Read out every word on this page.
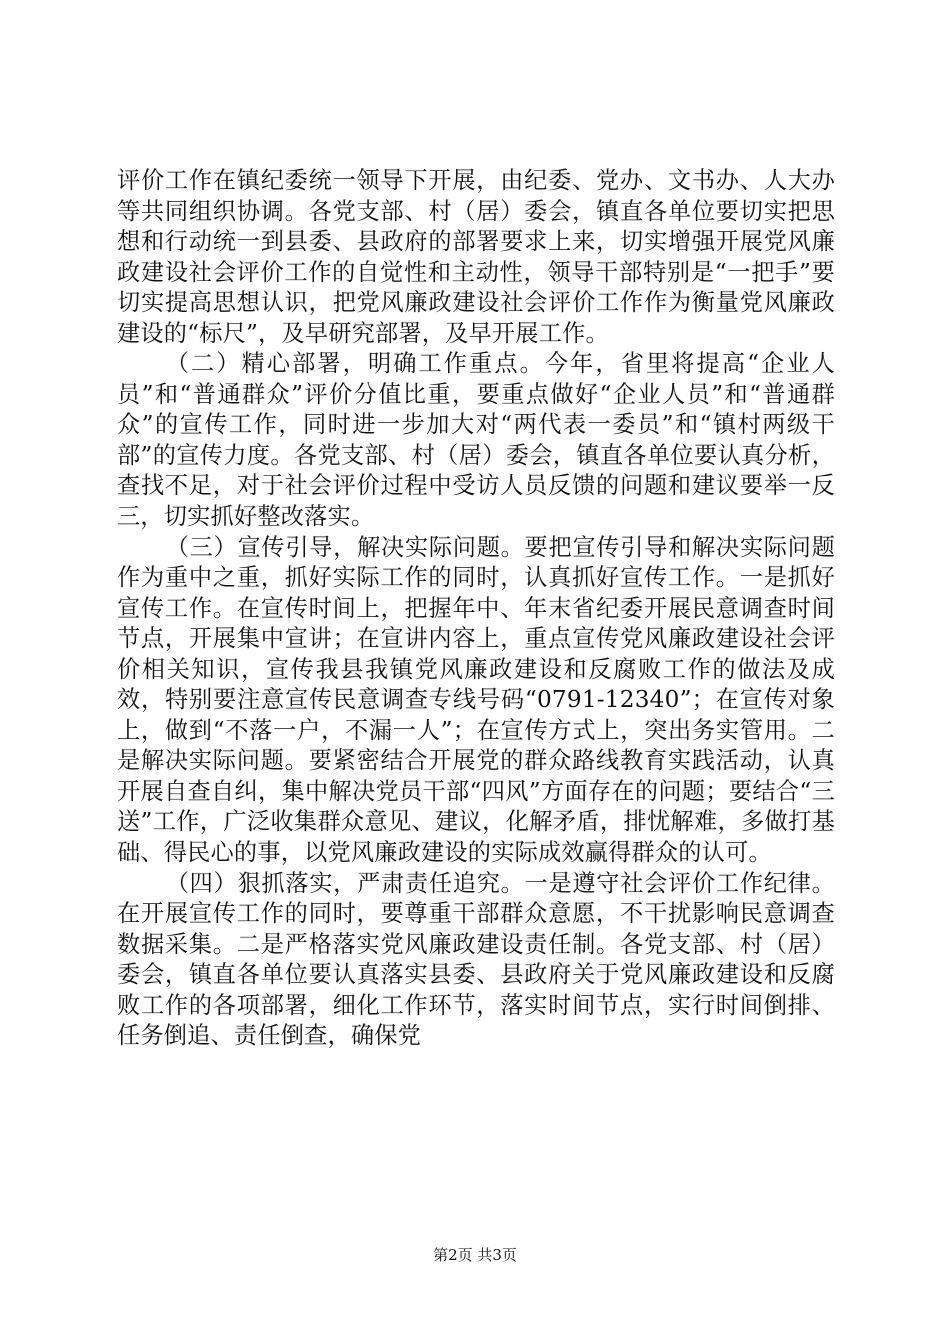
评价工作在镇纪委统一领导下开展，由纪委、党办、文书办、人大办等共同组织协调。各党支部、村（居）委会，镇直各单位要切实把思想和行动统一到县委、县政府的部署要求上来，切实增强开展党风廉政建设社会评价工作的自觉性和主动性，领导干部特别是“一把手”要切实提高思想认识，把党风廉政建设社会评价工作作为衡量党风廉政建设的“标尺”，及早研究部署，及早开展工作。

（二）精心部署，明确工作重点。今年，省里将提高“企业人员”和“普通群众”评价分值比重，要重点做好“企业人员”和“普通群众”的宣传工作，同时进一步加大对“两代表一委员”和“镇村两级干部”的宣传力度。各党支部、村（居）委会，镇直各单位要认真分析，查找不足，对于社会评价过程中受访人员反馈的问题和建议要举一反三，切实抓好整改落实。

（三）宣传引导，解决实际问题。要把宣传引导和解决实际问题作为重中之重，抓好实际工作的同时，认真抓好宣传工作。一是抓好宣传工作。在宣传时间上，把握年中、年末省纪委开展民意调查时间节点，开展集中宣讲；在宣讲内容上，重点宣传党风廉政建设社会评价相关知识，宣传我县我镇党风廉政建设和反腐败工作的做法及成效，特别要注意宣传民意调查专线号码“0791-12340”；在宣传对象上，做到“不落一户，不漏一人”；在宣传方式上，突出务实管用。二是解决实际问题。要紧密结合开展党的群众路线教育实践活动，认真开展自查自纠，集中解决党员干部“四风”方面存在的问题；要结合“三送”工作，广泛收集群众意见、建议，化解矛盾，排忧解难，多做打基础、得民心的事，以党风廉政建设的实际成效赢得群众的认可。

（四）狠抓落实，严肃责任追究。一是遵守社会评价工作纪律。在开展宣传工作的同时，要尊重干部群众意愿，不干扰影响民意调查数据采集。二是严格落实党风廉政建设责任制。各党支部、村（居）委会，镇直各单位要认真落实县委、县政府关于党风廉政建设和反腐败工作的各项部署，细化工作环节，落实时间节点，实行时间倒排、任务倒追、责任倒查，确保党

第2页 共3页
